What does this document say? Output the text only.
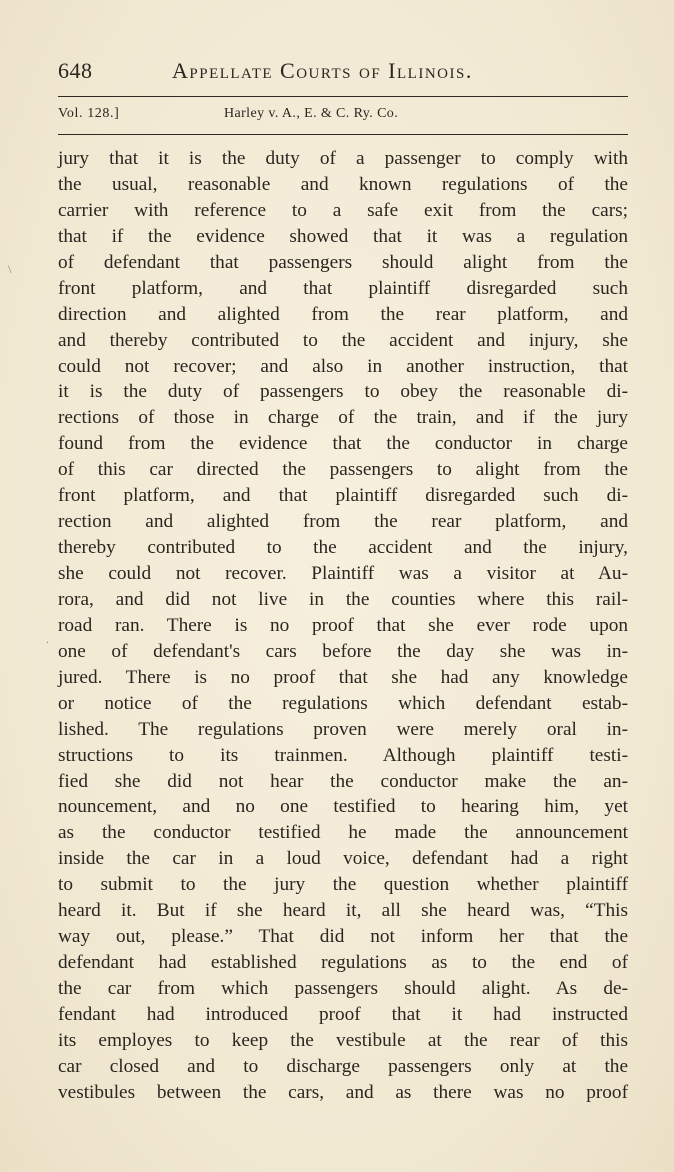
648	Appellate Courts of Illinois.
Vol. 128.]	Harley v. A., E. & C. Ry. Co.
jury that it is the duty of a passenger to comply with
the usual, reasonable and known regulations of the
carrier with reference to a safe exit from the cars;
that if the evidence showed that it was a regulation
of defendant that passengers should alight from the
front platform, and that plaintiff disregarded such
direction and alighted from the rear platform, and
and thereby contributed to the accident and injury, she
could not recover; and also in another instruction, that
it is the duty of passengers to obey the reasonable di-
rections of those in charge of the train, and if the jury
found from the evidence that the conductor in charge
of this car directed the passengers to alight from the
front platform, and that plaintiff disregarded such di-
rection and alighted from the rear platform, and
thereby contributed to the accident and the injury,
she could not recover. Plaintiff was a visitor at Au-
rora, and did not live in the counties where this rail-
road ran. There is no proof that she ever rode upon
one of defendant's cars before the day she was in-
jured. There is no proof that she had any knowledge
or notice of the regulations which defendant estab-
lished. The regulations proven were merely oral in-
structions to its trainmen. Although plaintiff testi-
fied she did not hear the conductor make the an-
nouncement, and no one testified to hearing him, yet
as the conductor testified he made the announcement
inside the car in a loud voice, defendant had a right
to submit to the jury the question whether plaintiff
heard it. But if she heard it, all she heard was, “This
way out, please.” That did not inform her that the
defendant had established regulations as to the end of
the car from which passengers should alight. As de-
fendant had introduced proof that it had instructed
its employes to keep the vestibule at the rear of this
car closed and to discharge passengers only at the
vestibules between the cars, and as there was no proof
\
.
